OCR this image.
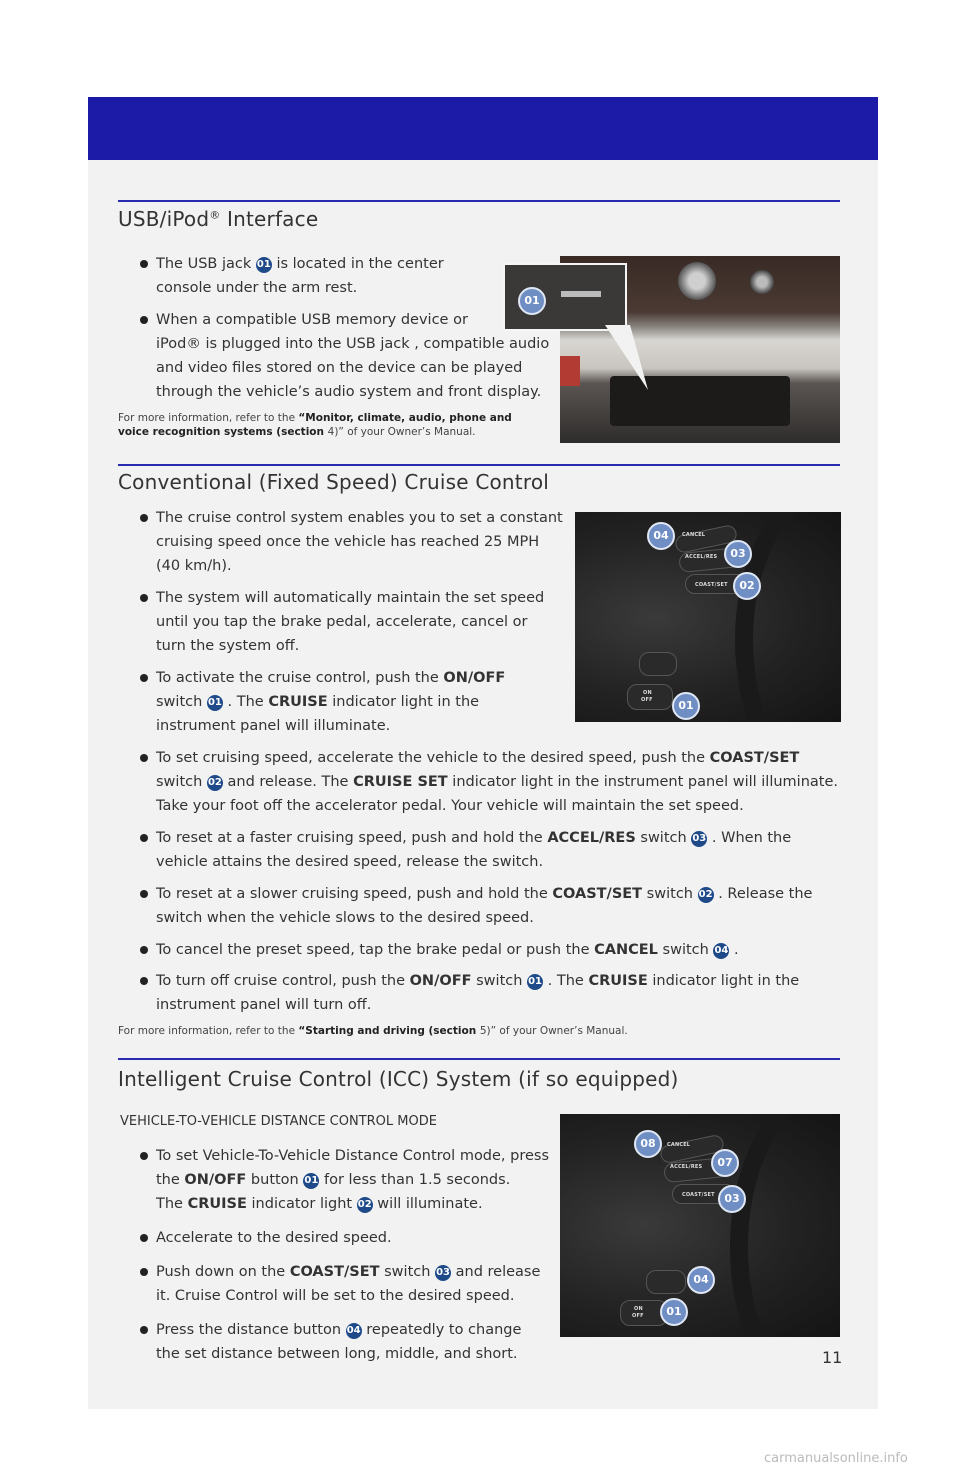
USB/iPod® Interface
The USB jack 01 is located in the center
console under the arm rest.
When a compatible USB memory device or
iPod® is plugged into the USB jack , compatible audio
and video files stored on the device can be played
through the vehicle’s audio system and front display.
For more information, refer to the “Monitor, climate, audio, phone and voice recognition systems (section 4)” of your Owner’s Manual.
01
Conventional (Fixed Speed) Cruise Control
The cruise control system enables you to set a constant
cruising speed once the vehicle has reached 25 MPH
(40 km/h).
The system will automatically maintain the set speed
until you tap the brake pedal, accelerate, cancel or
turn the system off.
To activate the cruise control, push the ON/OFF
switch 01 . The CRUISE indicator light in the
instrument panel will illuminate.
To set cruising speed, accelerate the vehicle to the desired speed, push the COAST/SET
switch 02 and release. The CRUISE SET indicator light in the instrument panel will illuminate.
Take your foot off the accelerator pedal. Your vehicle will maintain the set speed.
To reset at a faster cruising speed, push and hold the ACCEL/RES switch 03 . When the
vehicle attains the desired speed, release the switch.
To reset at a slower cruising speed, push and hold the COAST/SET switch 02 . Release the
switch when the vehicle slows to the desired speed.
To cancel the preset speed, tap the brake pedal or push the CANCEL switch 04 .
To turn off cruise control, push the ON/OFF switch 01 . The CRUISE indicator light in the
instrument panel will turn off.
For more information, refer to the “Starting and driving (section 5)” of your Owner’s Manual.
CANCEL
ACCEL/RES
COAST/SET
ON
OFF
04
03
02
01
Intelligent Cruise Control (ICC) System (if so equipped)
VEHICLE-TO-VEHICLE DISTANCE CONTROL MODE
To set Vehicle-To-Vehicle Distance Control mode, press
the ON/OFF button 01 for less than 1.5 seconds.
The CRUISE indicator light 02 will illuminate.
Accelerate to the desired speed.
Push down on the COAST/SET switch 03 and release
it. Cruise Control will be set to the desired speed.
Press the distance button 04 repeatedly to change
the set distance between long, middle, and short.
CANCEL
ACCEL/RES
COAST/SET
ON
OFF
08
07
03
04
01
11
carmanualsonline.info
